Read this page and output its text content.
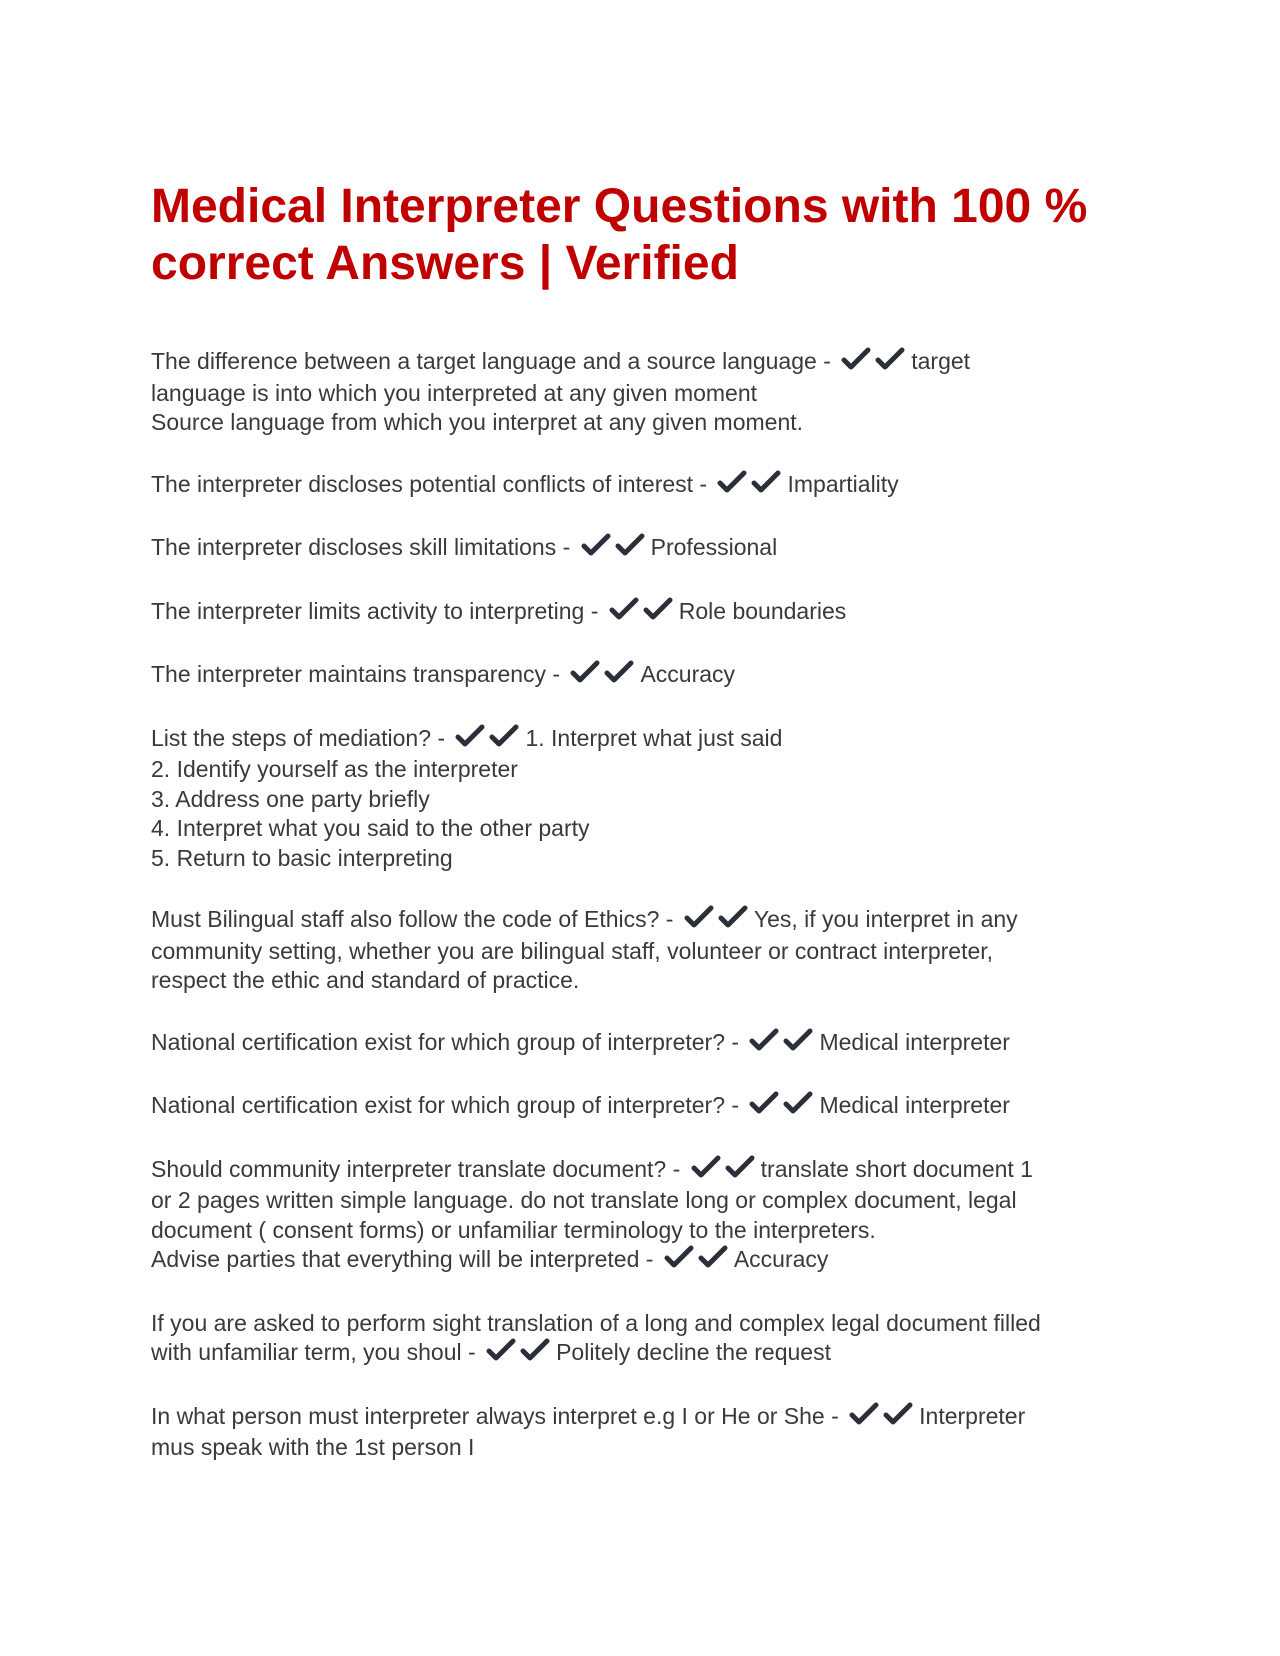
Medical Interpreter Questions with 100 % correct Answers | Verified
The difference between a target language and a source language -	target
language is into which you interpreted at any given moment
Source language from which you interpret at any given moment.
The interpreter discloses potential conflicts of interest -	Impartiality
The interpreter discloses skill limitations -	Professional
The interpreter limits activity to interpreting -	Role boundaries
The interpreter maintains transparency -	Accuracy
List the steps of mediation? -	1. Interpret what just said
2. Identify yourself as the interpreter
3. Address one party briefly
4. Interpret what you said to the other party
5. Return to basic interpreting
Must Bilingual staff also follow the code of Ethics? -	Yes, if you interpret in any
community setting, whether you are bilingual staff, volunteer or contract interpreter,
respect the ethic and standard of practice.
National certification exist for which group of interpreter? -	Medical interpreter
National certification exist for which group of interpreter? -	Medical interpreter
Should community interpreter translate document? -	translate short document 1
or 2 pages written simple language. do not translate long or complex document, legal
document ( consent forms) or unfamiliar terminology to the interpreters.
Advise parties that everything will be interpreted -	Accuracy
If you are asked to perform sight translation of a long and complex legal document filled
with unfamiliar term, you shoul -	Politely decline the request
In what person must interpreter always interpret e.g I or He or She -	Interpreter
mus speak with the 1st person I
